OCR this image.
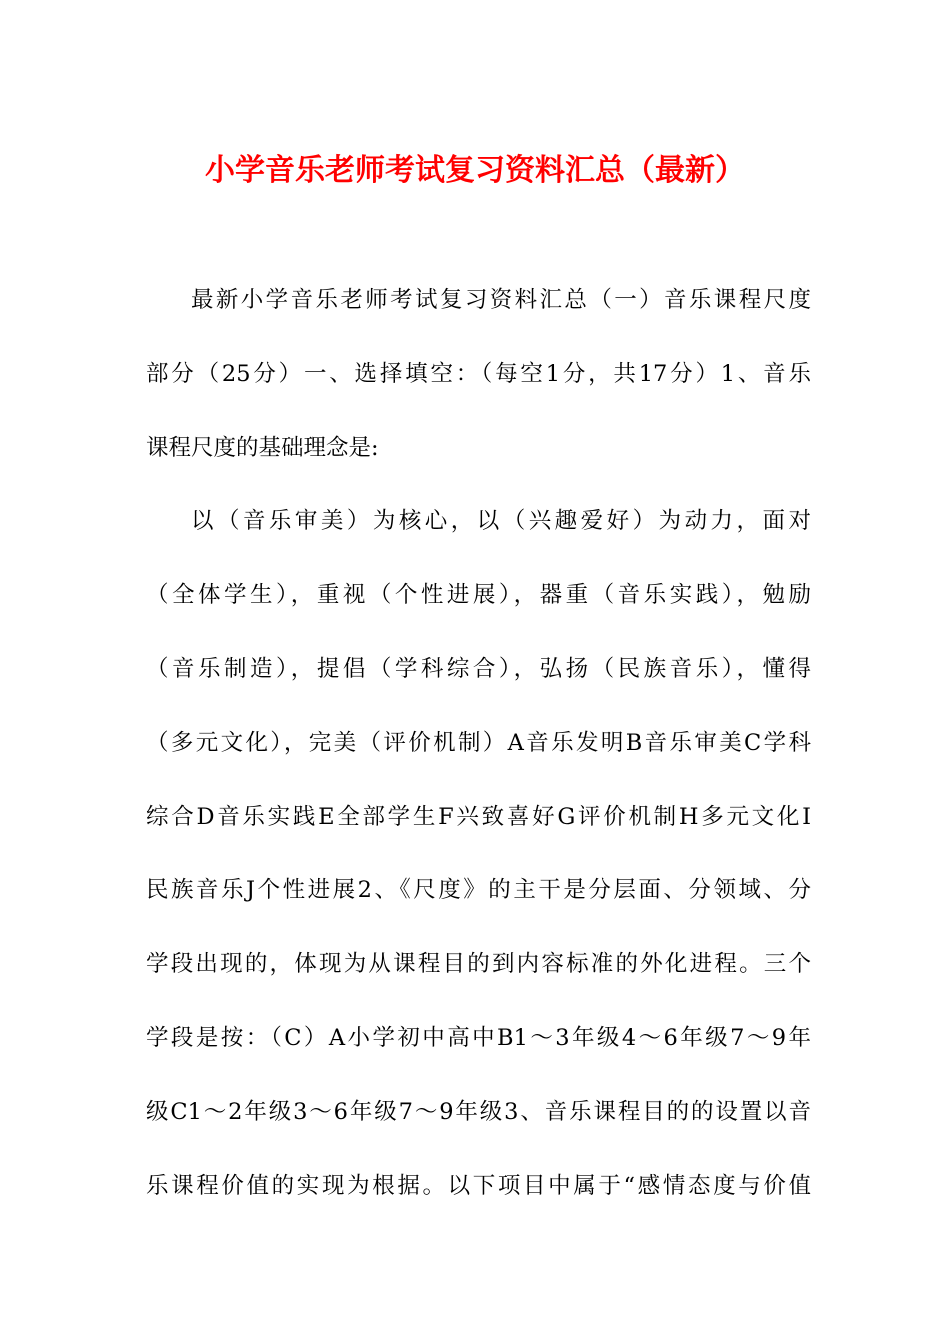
小学音乐老师考试复习资料汇总（最新）
最新小学音乐老师考试复习资料汇总（一）音乐课程尺度
部分（25分）一、选择填空：（每空1分，共17分）1、音乐
课程尺度的基础理念是:
以（音乐审美）为核心，以（兴趣爱好）为动力，面对
（全体学生），重视（个性进展），器重（音乐实践），勉励
（音乐制造），提倡（学科综合），弘扬（民族音乐），懂得
（多元文化），完美（评价机制）A音乐发明B音乐审美C学科
综合D音乐实践E全部学生F兴致喜好G评价机制H多元文化I
民族音乐J个性进展2、《尺度》的主干是分层面、分领域、分
学段出现的，体现为从课程目的到内容标准的外化进程。三个
学段是按：（C）A小学初中高中B1～3年级4～6年级7～9年
级C1～2年级3～6年级7～9年级3、音乐课程目的的设置以音
乐课程价值的实现为根据。以下项目中属于“感情态度与价值
